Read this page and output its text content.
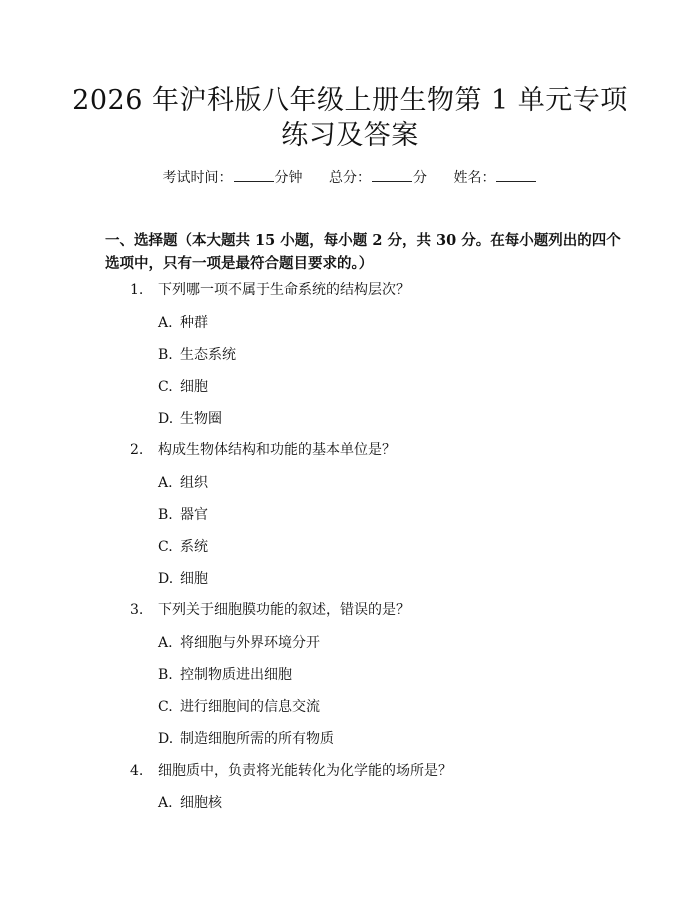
2026 年沪科版八年级上册生物第 1 单元专项
练习及答案
考试时间：	分钟 总分：	分 姓名：
一、选择题（本大题共 15 小题，每小题 2 分，共 30 分。在每小题列出的四个选项中，只有一项是最符合题目要求的。）
1. 下列哪一项不属于生命系统的结构层次？
A. 种群
B. 生态系统
C. 细胞
D. 生物圈
2. 构成生物体结构和功能的基本单位是？
A. 组织
B. 器官
C. 系统
D. 细胞
3. 下列关于细胞膜功能的叙述，错误的是？
A. 将细胞与外界环境分开
B. 控制物质进出细胞
C. 进行细胞间的信息交流
D. 制造细胞所需的所有物质
4. 细胞质中，负责将光能转化为化学能的场所是？
A. 细胞核
